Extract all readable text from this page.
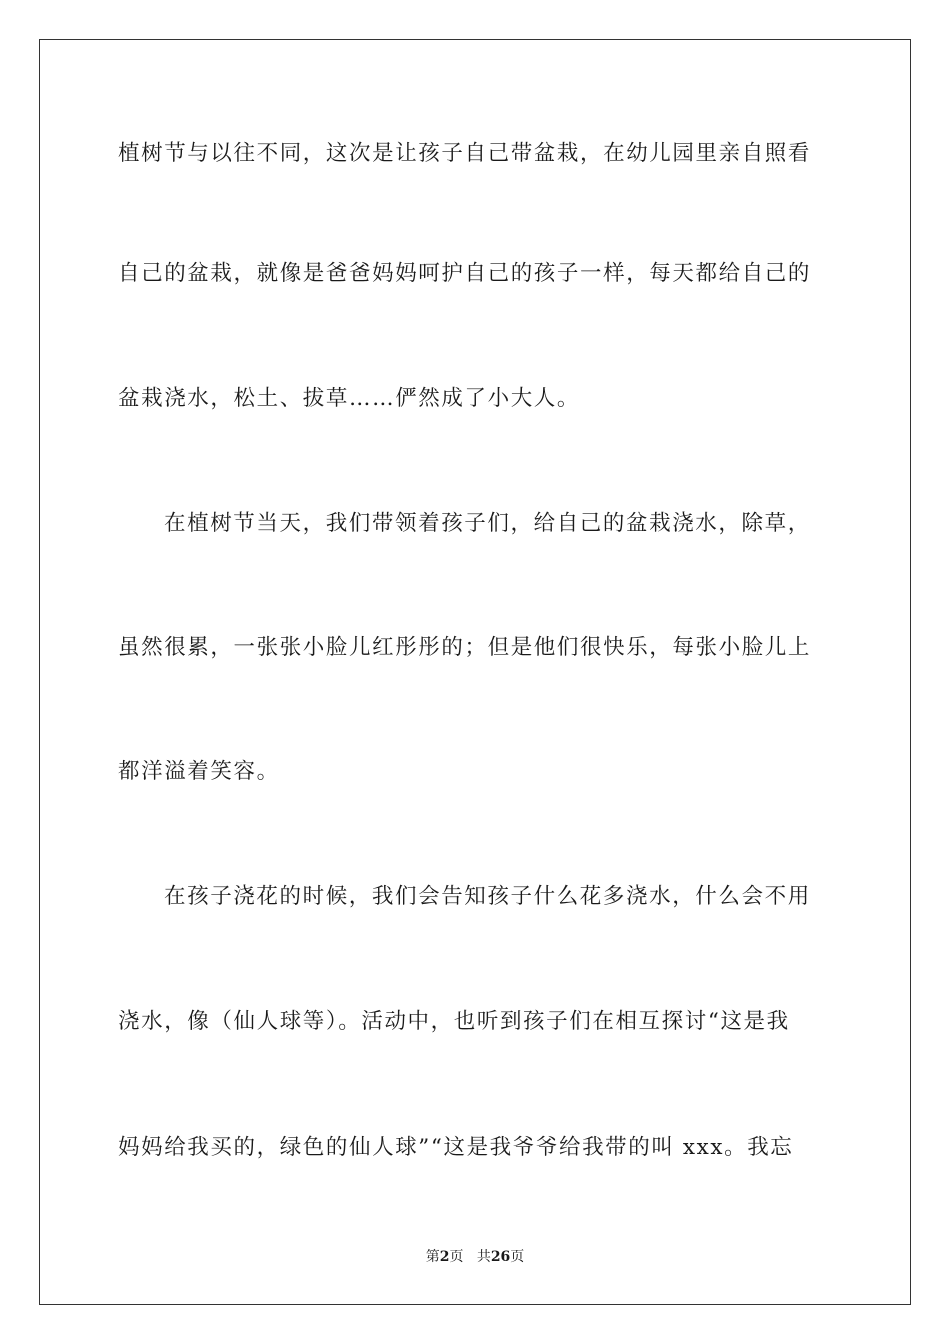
植树节与以往不同，这次是让孩子自己带盆栽，在幼儿园里亲自照看
自己的盆栽，就像是爸爸妈妈呵护自己的孩子一样，每天都给自己的
盆栽浇水，松土、拔草……俨然成了小大人。
在植树节当天，我们带领着孩子们，给自己的盆栽浇水，除草，
虽然很累，一张张小脸儿红彤彤的；但是他们很快乐，每张小脸儿上
都洋溢着笑容。
在孩子浇花的时候，我们会告知孩子什么花多浇水，什么会不用
浇水，像（仙人球等）。活动中，也听到孩子们在相互探讨“这是我
妈妈给我买的，绿色的仙人球”“这是我爷爷给我带的叫 xxx。我忘
第2页 共26页
